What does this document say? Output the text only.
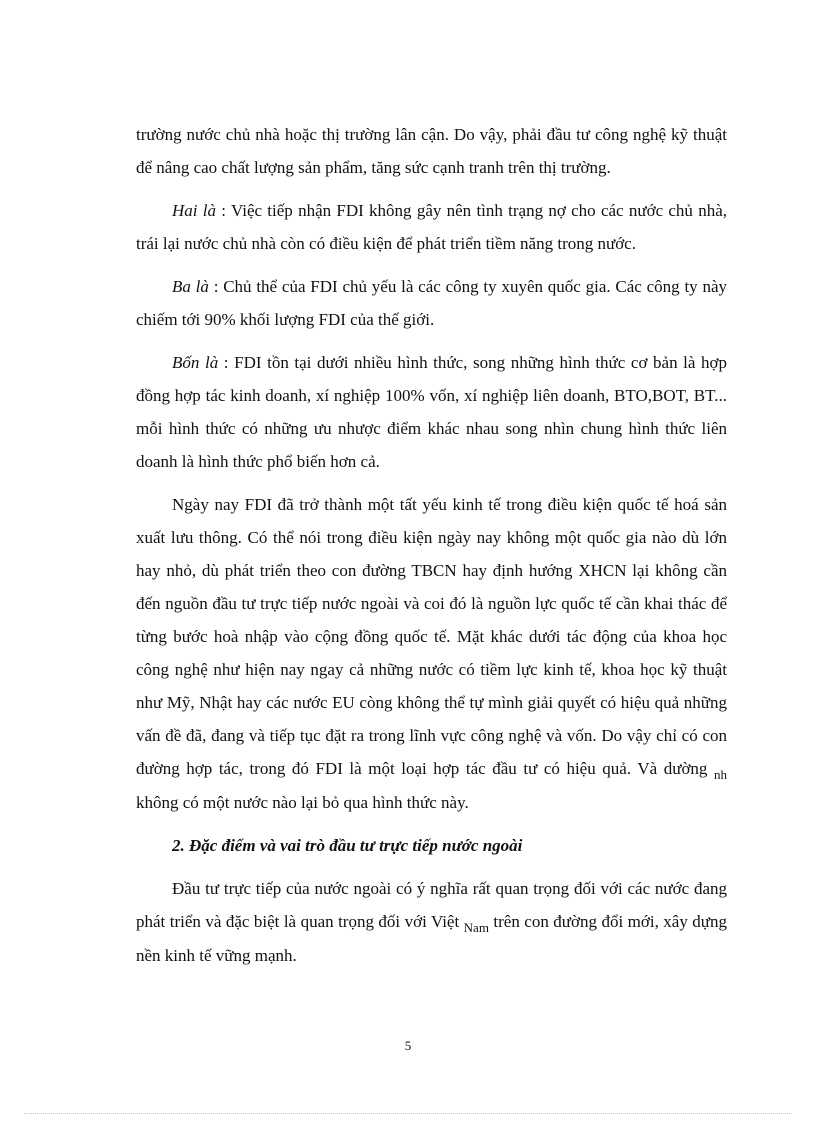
trường nước chủ nhà hoặc thị trường lân cận. Do vậy, phải đầu tư công nghệ kỹ thuật để nâng cao chất lượng sản phẩm, tăng sức cạnh tranh trên thị trường.

Hai là : Việc tiếp nhận FDI không gây nên tình trạng nợ cho các nước chủ nhà, trái lại nước chủ nhà còn có điều kiện để phát triển tiềm năng trong nước.

Ba là : Chủ thể của FDI chủ yếu là các công ty xuyên quốc gia. Các công ty này chiếm tới 90% khối lượng FDI của thế giới.

Bốn là : FDI tồn tại dưới nhiều hình thức, song những hình thức cơ bản là hợp đồng hợp tác kinh doanh, xí nghiệp 100% vốn, xí nghiệp liên doanh, BTO,BOT, BT... mỗi hình thức có những ưu nhược điểm khác nhau song nhìn chung hình thức liên doanh là hình thức phổ biến hơn cả.

Ngày nay FDI đã trở thành một tất yếu kinh tế trong điều kiện quốc tế hoá sản xuất lưu thông. Có thể nói trong điều kiện ngày nay không một quốc gia nào dù lớn hay nhỏ, dù phát triển theo con đường TBCN hay định hướng XHCN lại không cần đến nguồn đầu tư trực tiếp nước ngoài và coi đó là nguồn lực quốc tế cần khai thác để từng bước hoà nhập vào cộng đồng quốc tế. Mặt khác dưới tác động của khoa học công nghệ như hiện nay ngay cả những nước có tiềm lực kinh tế, khoa học kỹ thuật như Mỹ, Nhật hay các nước EU còng không thể tự mình giải quyết có hiệu quả những vấn đề đã, đang và tiếp tục đặt ra trong lĩnh vực công nghệ và vốn. Do vậy chỉ có con đường hợp tác, trong đó FDI là một loại hợp tác đầu tư có hiệu quả. Và dường $_{nh}$ không có một nước nào lại bỏ qua hình thức này.

2. Đặc điểm và vai trò đầu tư trực tiếp nước ngoài

Đầu tư trực tiếp của nước ngoài có ý nghĩa rất quan trọng đối với các nước đang phát triển và đặc biệt là quan trọng đối với Việt $_{Nam}$ trên con đường đổi mới, xây dựng nền kinh tế vững mạnh.

5
